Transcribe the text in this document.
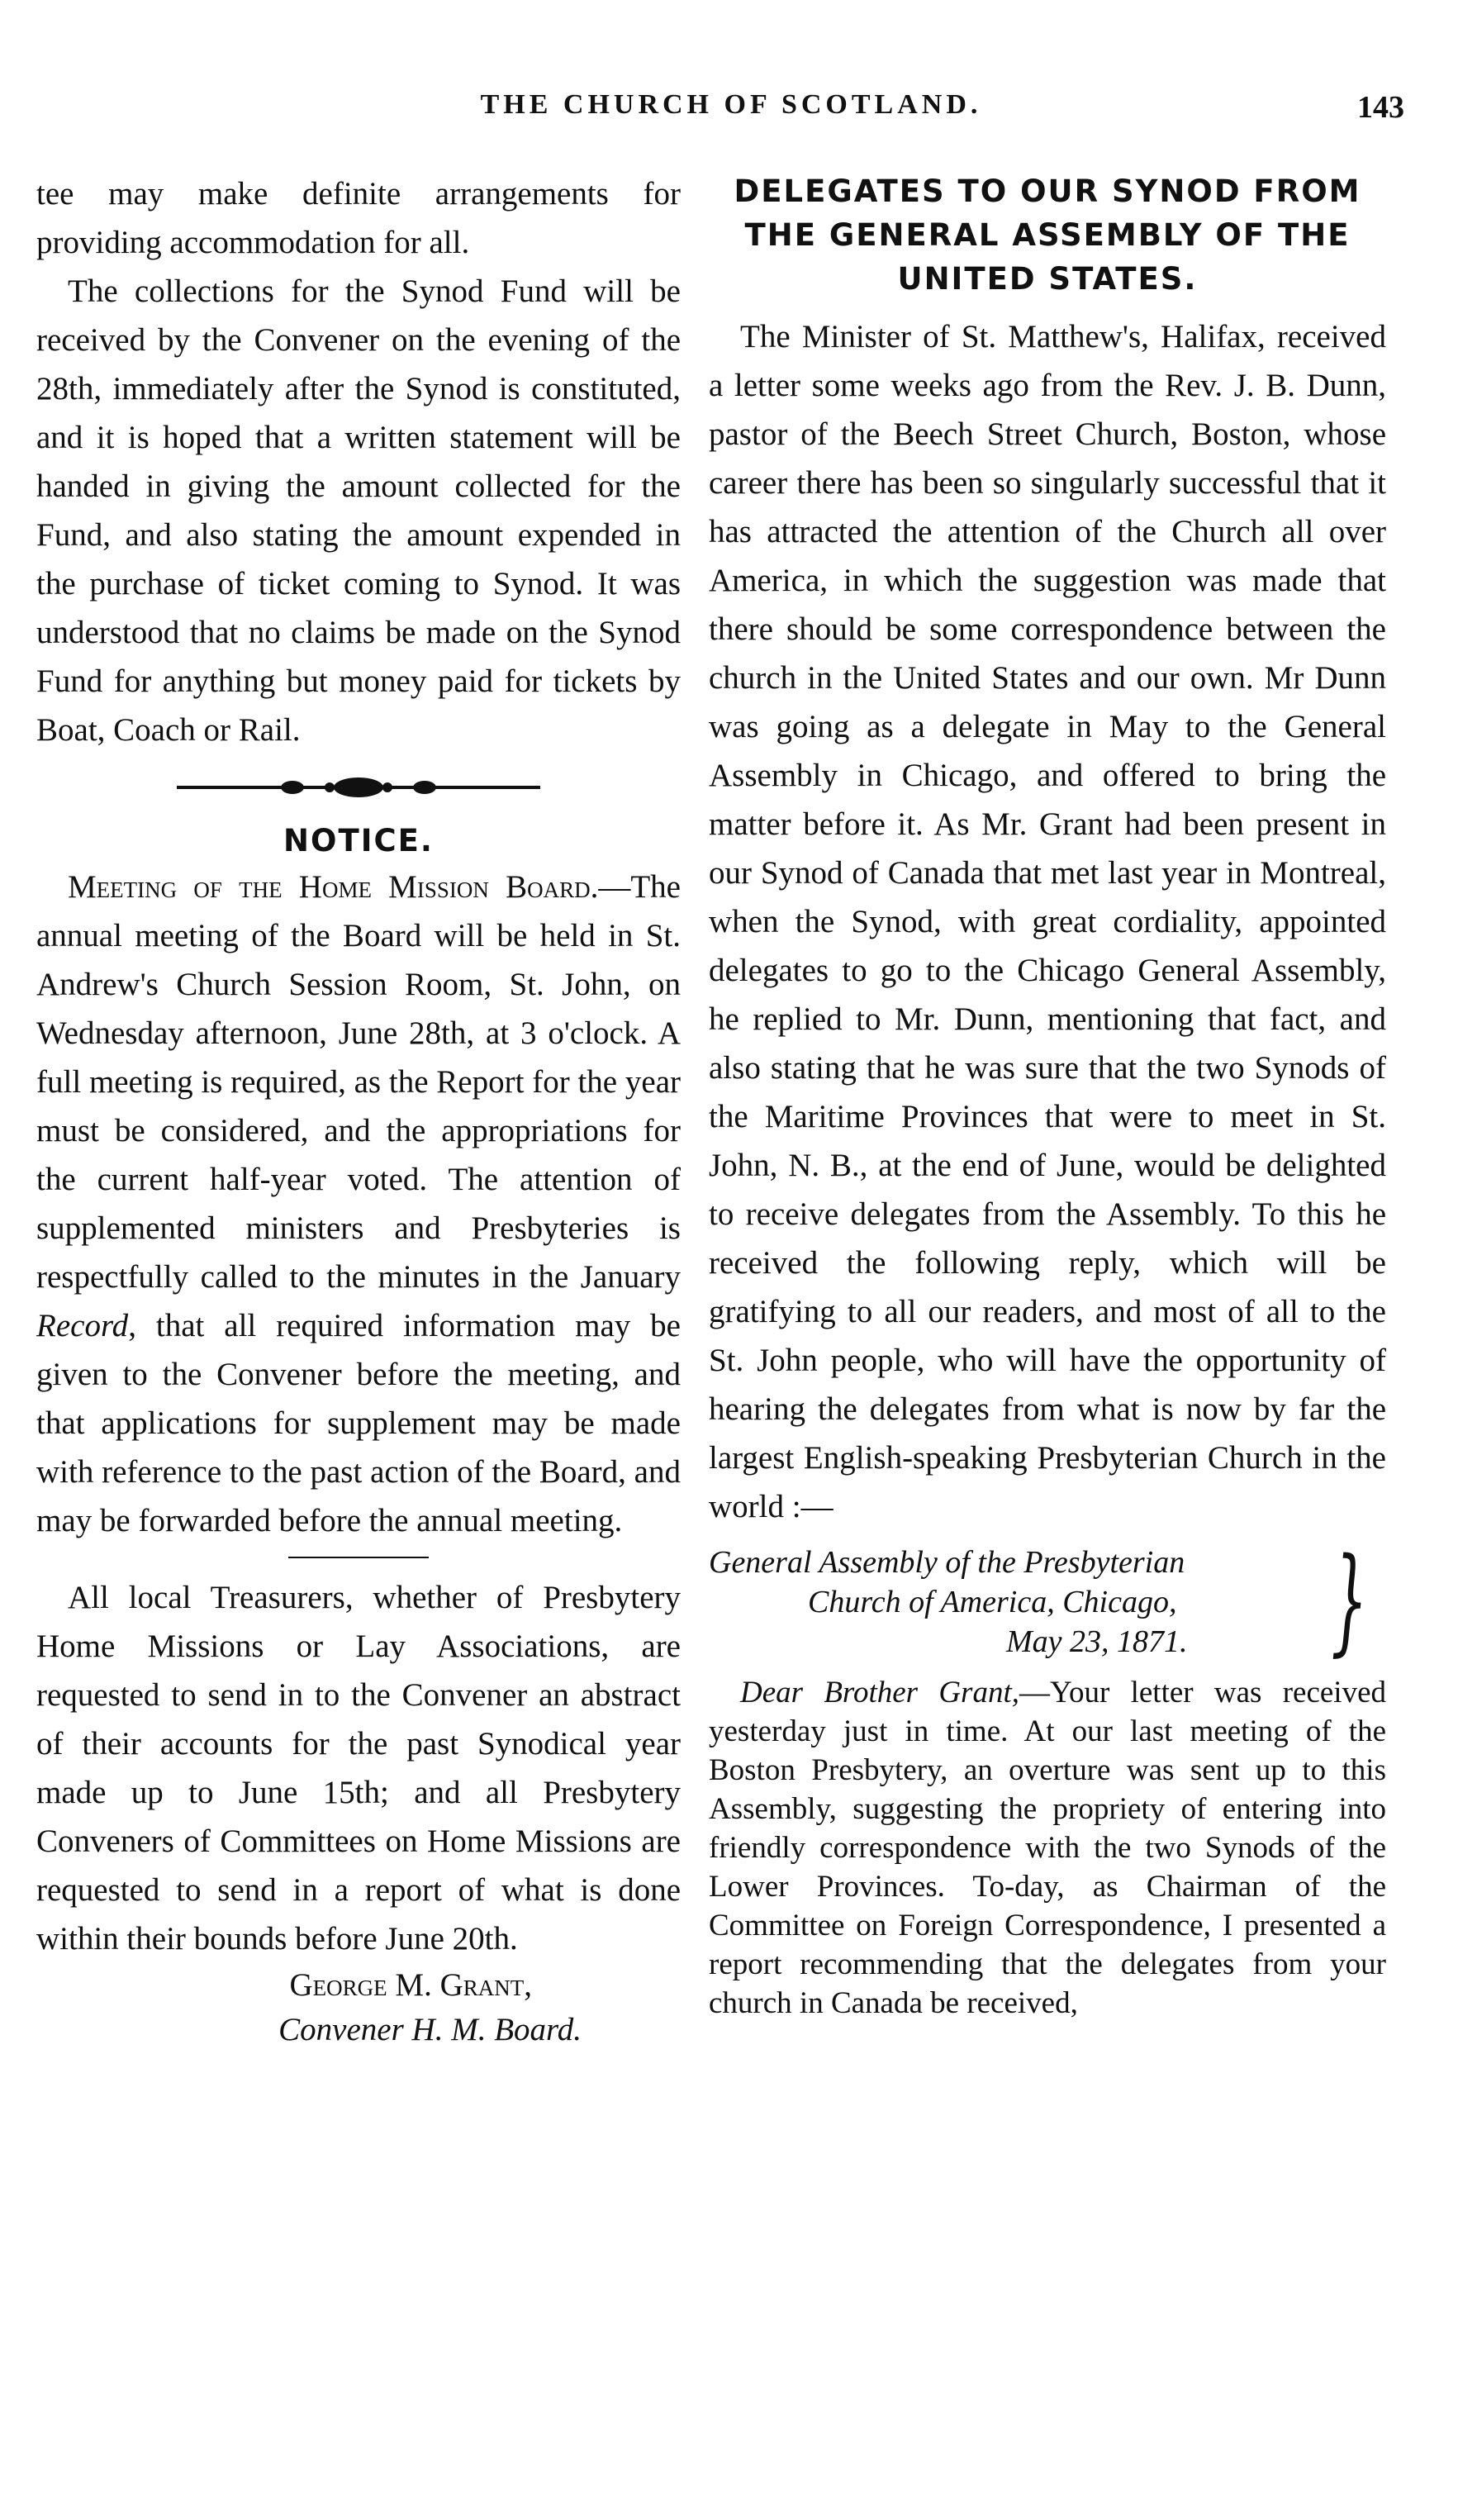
THE CHURCH OF SCOTLAND.	143

tee may make definite arrangements for providing accommodation for all.

The collections for the Synod Fund will be received by the Convener on the evening of the 28th, immediately after the Synod is constituted, and it is hoped that a written statement will be handed in giving the amount collected for the Fund, and also stating the amount expended in the purchase of ticket coming to Synod. It was understood that no claims be made on the Synod Fund for anything but money paid for tickets by Boat, Coach or Rail.

NOTICE.

Meeting of the Home Mission Board.—The annual meeting of the Board will be held in St. Andrew's Church Session Room, St. John, on Wednesday afternoon, June 28th, at 3 o'clock. A full meeting is required, as the Report for the year must be considered, and the appropriations for the current half-year voted. The attention of supplemented ministers and Presbyteries is respectfully called to the minutes in the January Record, that all required information may be given to the Convener before the meeting, and that applications for supplement may be made with reference to the past action of the Board, and may be forwarded before the annual meeting.

All local Treasurers, whether of Presbytery Home Missions or Lay Associations, are requested to send in to the Convener an abstract of their accounts for the past Synodical year made up to June 15th; and all Presbytery Conveners of Committees on Home Missions are requested to send in a report of what is done within their bounds before June 20th.

George M. Grant,
Convener H. M. Board.
DELEGATES TO OUR SYNOD FROM THE GENERAL ASSEMBLY OF THE UNITED STATES.

The Minister of St. Matthew's, Halifax, received a letter some weeks ago from the Rev. J. B. Dunn, pastor of the Beech Street Church, Boston, whose career there has been so singularly successful that it has attracted the attention of the Church all over America, in which the suggestion was made that there should be some correspondence between the church in the United States and our own. Mr Dunn was going as a delegate in May to the General Assembly in Chicago, and offered to bring the matter before it. As Mr. Grant had been present in our Synod of Canada that met last year in Montreal, when the Synod, with great cordiality, appointed delegates to go to the Chicago General Assembly, he replied to Mr. Dunn, mentioning that fact, and also stating that he was sure that the two Synods of the Maritime Provinces that were to meet in St. John, N. B., at the end of June, would be delighted to receive delegates from the Assembly. To this he received the following reply, which will be gratifying to all our readers, and most of all to the St. John people, who will have the opportunity of hearing the delegates from what is now by far the largest English-speaking Presbyterian Church in the world :—

General Assembly of the Presbyterian
Church of America, Chicago,
May 23, 1871.	}

Dear Brother Grant,—Your letter was received yesterday just in time. At our last meeting of the Boston Presbytery, an overture was sent up to this Assembly, suggesting the propriety of entering into friendly correspondence with the two Synods of the Lower Provinces. To-day, as Chairman of the Committee on Foreign Correspondence, I presented a report recommending that the delegates from your church in Canada be received,
